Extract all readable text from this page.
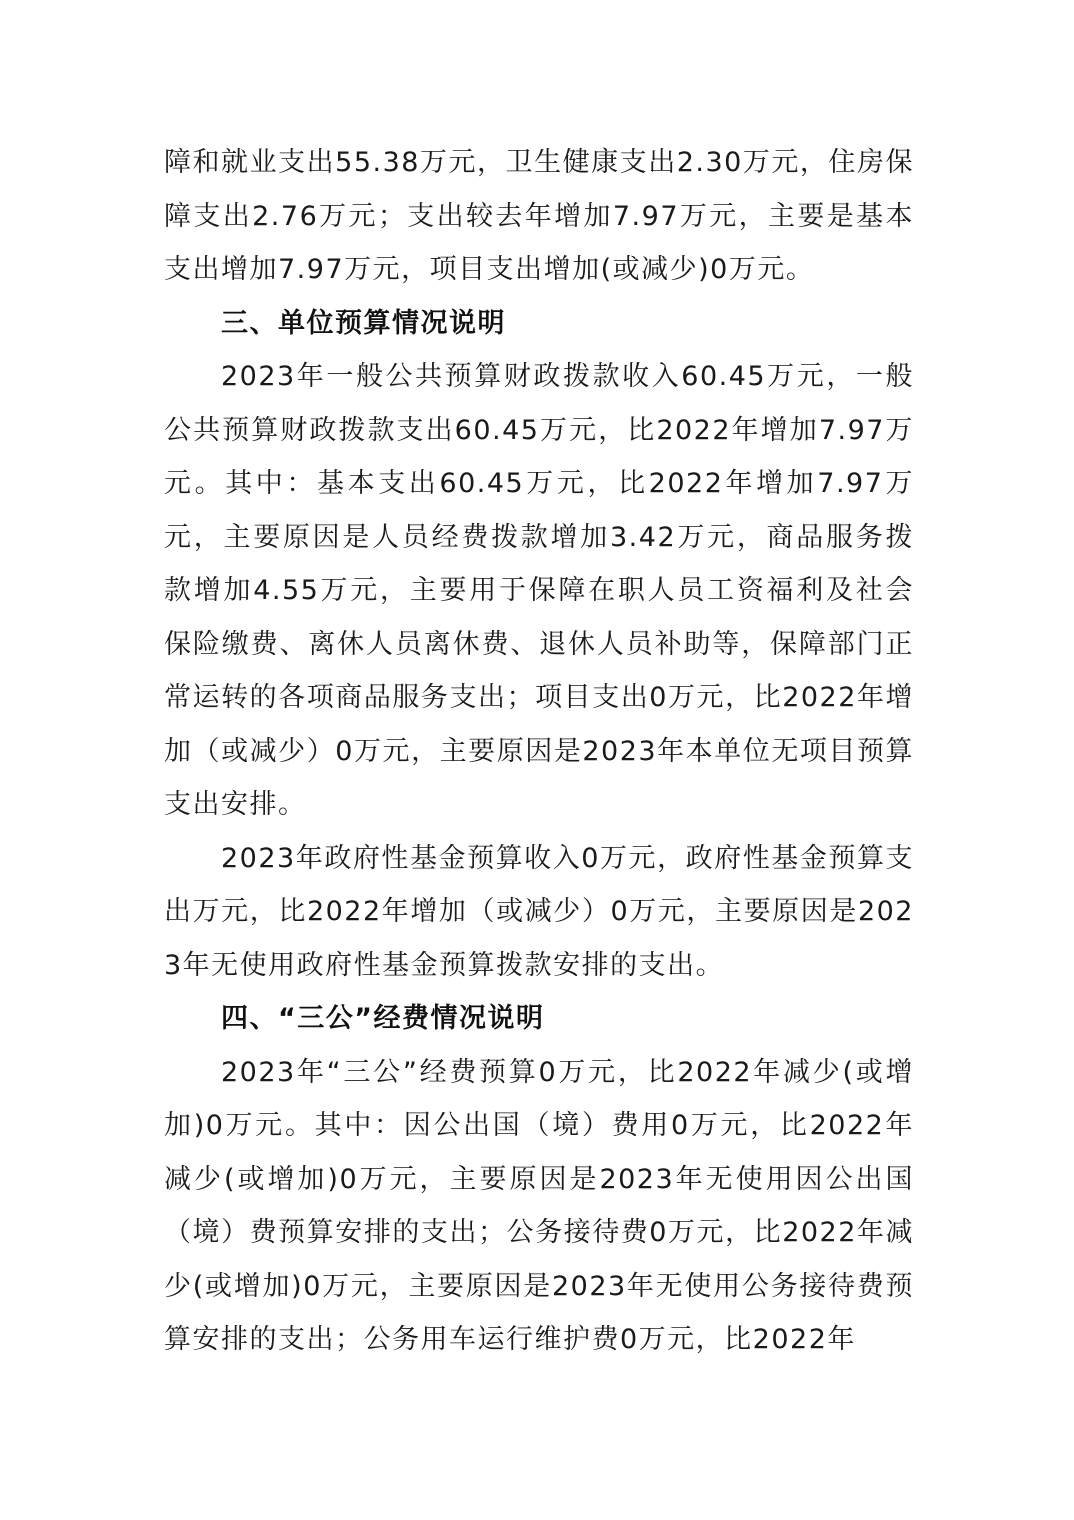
障和就业支出55.38万元，卫生健康支出2.30万元，住房保障支出2.76万元；支出较去年增加7.97万元，主要是基本支出增加7.97万元，项目支出增加(或减少)0万元。

三、单位预算情况说明

2023年一般公共预算财政拨款收入60.45万元，一般公共预算财政拨款支出60.45万元，比2022年增加7.97万元。其中：基本支出60.45万元，比2022年增加7.97万元，主要原因是人员经费拨款增加3.42万元，商品服务拨款增加4.55万元，主要用于保障在职人员工资福利及社会保险缴费、离休人员离休费、退休人员补助等，保障部门正常运转的各项商品服务支出；项目支出0万元，比2022年增加（或减少）0万元，主要原因是2023年本单位无项目预算支出安排。

2023年政府性基金预算收入0万元，政府性基金预算支出万元，比2022年增加（或减少）0万元，主要原因是2023年无使用政府性基金预算拨款安排的支出。

四、“三公”经费情况说明

2023年“三公”经费预算0万元，比2022年减少(或增加)0万元。其中：因公出国（境）费用0万元，比2022年减少(或增加)0万元，主要原因是2023年无使用因公出国（境）费预算安排的支出；公务接待费0万元，比2022年减少(或增加)0万元，主要原因是2023年无使用公务接待费预算安排的支出；公务用车运行维护费0万元，比2022年
